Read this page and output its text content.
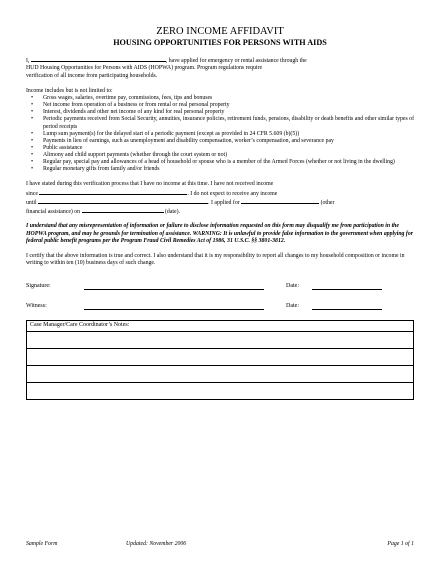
ZERO INCOME AFFIDAVIT
HOUSING OPPORTUNITIES FOR PERSONS WITH AIDS
I,	, have applied for emergency or rental assistance through the
HUD Housing Opportunities for Persons with AIDS (HOPWA) program. Program regulations require
verification of all income from participating households.
Income includes but is not limited to:
• Gross wages, salaries, overtime pay, commissions, fees, tips and bonuses
• Net income from operation of a business or from rental or real personal property
• Interest, dividends and other net income of any kind for real personal property
• Periodic payments received from Social Security, annuities, insurance policies, retirement funds, pensions, disability or death benefits and other similar types of period receipts
• Lump sum payment(s) for the delayed start of a periodic payment (except as provided in 24 CFR 5.609 (b)(5))
• Payments in lieu of earnings, such as unemployment and disability compensation, worker’s compensation, and severance pay
• Public assistance
• Alimony and child support payments (whether through the court system or not)
• Regular pay, special pay and allowances of a head of household or spouse who is a member of the Armed Forces (whether or not living in the dwelling)
• Regular monetary gifts from family and/or friends
I have stated during this verification process that I have no income at this time. I have not received income
since	. I do not expect to receive any income
until	. I applied for	(other
financial assistance) on	(date).
I understand that any misrepresentation of information or failure to disclose information requested on this form may disqualify me from participation in the HOPWA program, and may be grounds for termination of assistance. WARNING: It is unlawful to provide false information to the government when applying for federal public benefit programs per the Program Fraud Civil Remedies Act of 1986, 31 U.S.C. §§ 3801-3812.
I certify that the above information is true and correct. I also understand that it is my responsibility to report all changes to my household composition or income in writing to within ten (10) business days of such change.
Signature:	Date:
Witness:	Date:
Case Manager/Care Coordinator’s Notes:

Sample Form	Updated: November 2006	Page 1 of 1
